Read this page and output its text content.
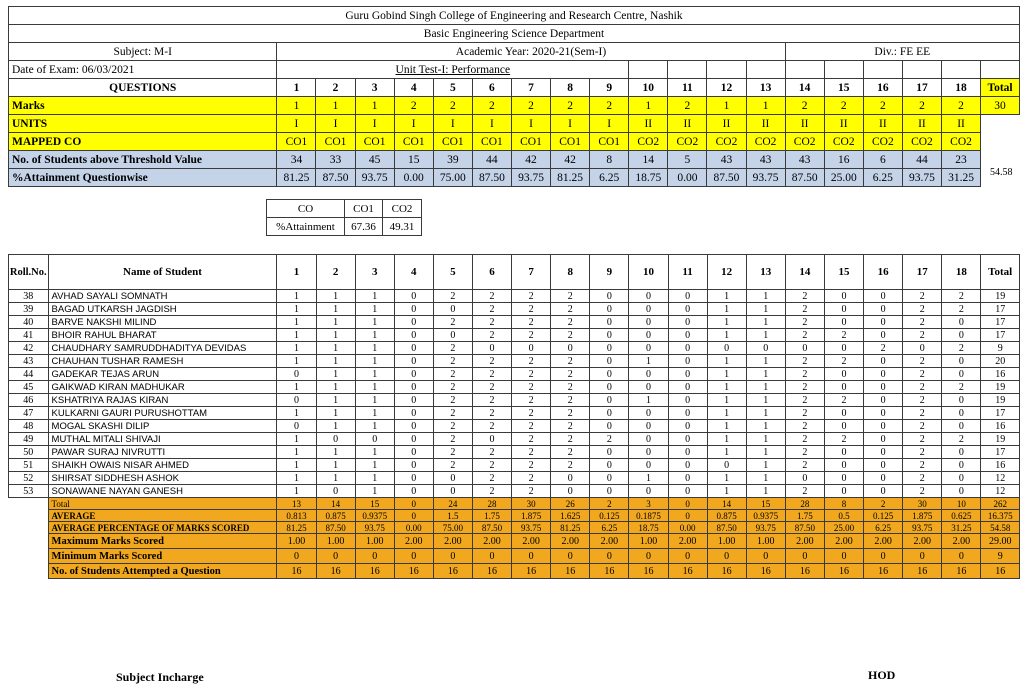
Guru Gobind Singh College of Engineering and Research Centre, Nashik																			
Basic Engineering Science Department																			
Subject: M-I	Academic Year: 2020-21(Sem-I)													Div.: FE EE					
Date of Exam: 06/03/2021	Unit Test-I: Performance																		
QUESTIONS	1	2	3	4	5	6	7	8	9	10	11	12	13	14	15	16	17	18	Total
Marks	1	1	1	2	2	2	2	2	2	1	2	1	1	2	2	2	2	2	30
UNITS	I	I	I	I	I	I	I	I	I	II	II	II	II	II	II	II	II	II	
MAPPED CO	CO1	CO1	CO1	CO1	CO1	CO1	CO1	CO1	CO1	CO2	CO2	CO2	CO2	CO2	CO2	CO2	CO2	CO2	
No. of Students above Threshold Value	34	33	45	15	39	44	42	42	8	14	5	43	43	43	16	6	44	23	
%Attainment Questionwise	81.25	87.50	93.75	0.00	75.00	87.50	93.75	81.25	6.25	18.75	0.00	87.50	93.75	87.50	25.00	6.25	93.75	31.25	54.58
CO	CO1	CO2
%Attainment	67.36	49.31
Roll.No.	Name of Student	1	2	3	4	5	6	7	8	9	10	11	12	13	14	15	16	17	18	Total
38	AVHAD SAYALI SOMNATH	1	1	1	0	2	2	2	2	0	0	0	1	1	2	0	0	2	2	19
39	BAGAD UTKARSH JAGDISH	1	1	1	0	0	2	2	2	0	0	0	1	1	2	0	0	2	2	17
40	BARVE NAKSHI MILIND	1	1	1	0	2	2	2	2	0	0	0	1	1	2	0	0	2	0	17
41	BHOIR RAHUL BHARAT	1	1	1	0	0	2	2	2	0	0	0	1	1	2	2	0	2	0	17
42	CHAUDHARY SAMRUDDHADITYA DEVIDAS	1	1	1	0	2	0	0	0	0	0	0	0	0	0	0	2	0	2	9
43	CHAUHAN TUSHAR RAMESH	1	1	1	0	2	2	2	2	0	1	0	1	1	2	2	0	2	0	20
44	GADEKAR TEJAS ARUN	0	1	1	0	2	2	2	2	0	0	0	1	1	2	0	0	2	0	16
45	GAIKWAD KIRAN MADHUKAR	1	1	1	0	2	2	2	2	0	0	0	1	1	2	0	0	2	2	19
46	KSHATRIYA RAJAS KIRAN	0	1	1	0	2	2	2	2	0	1	0	1	1	2	2	0	2	0	19
47	KULKARNI GAURI PURUSHOTTAM	1	1	1	0	2	2	2	2	0	0	0	1	1	2	0	0	2	0	17
48	MOGAL SKASHI DILIP	0	1	1	0	2	2	2	2	0	0	0	1	1	2	0	0	2	0	16
49	MUTHAL MITALI SHIVAJI	1	0	0	0	2	0	2	2	2	0	0	1	1	2	2	0	2	2	19
50	PAWAR SURAJ NIVRUTTI	1	1	1	0	2	2	2	2	0	0	0	1	1	2	0	0	2	0	17
51	SHAIKH OWAIS NISAR AHMED	1	1	1	0	2	2	2	2	0	0	0	0	1	2	0	0	2	0	16
52	SHIRSAT SIDDHESH ASHOK	1	1	1	0	0	2	2	0	0	1	0	1	1	0	0	0	2	0	12
53	SONAWANE NAYAN GANESH	1	0	1	0	0	2	2	0	0	0	0	1	1	2	0	0	2	0	12
	Total	13	14	15	0	24	28	30	26	2	3	0	14	15	28	8	2	30	10	262
	AVERAGE	0.813	0.875	0.9375	0	1.5	1.75	1.875	1.625	0.125	0.1875	0	0.875	0.9375	1.75	0.5	0.125	1.875	0.625	16.375
	AVERAGE PERCENTAGE OF MARKS SCORED	81.25	87.50	93.75	0.00	75.00	87.50	93.75	81.25	6.25	18.75	0.00	87.50	93.75	87.50	25.00	6.25	93.75	31.25	54.58
	Maximum Marks Scored	1.00	1.00	1.00	2.00	2.00	2.00	2.00	2.00	2.00	1.00	2.00	1.00	1.00	2.00	2.00	2.00	2.00	2.00	29.00
	Minimum Marks Scored	0	0	0	0	0	0	0	0	0	0	0	0	0	0	0	0	0	0	9
	No. of Students Attempted a Question	16	16	16	16	16	16	16	16	16	16	16	16	16	16	16	16	16	16	16
Subject Incharge	HOD
